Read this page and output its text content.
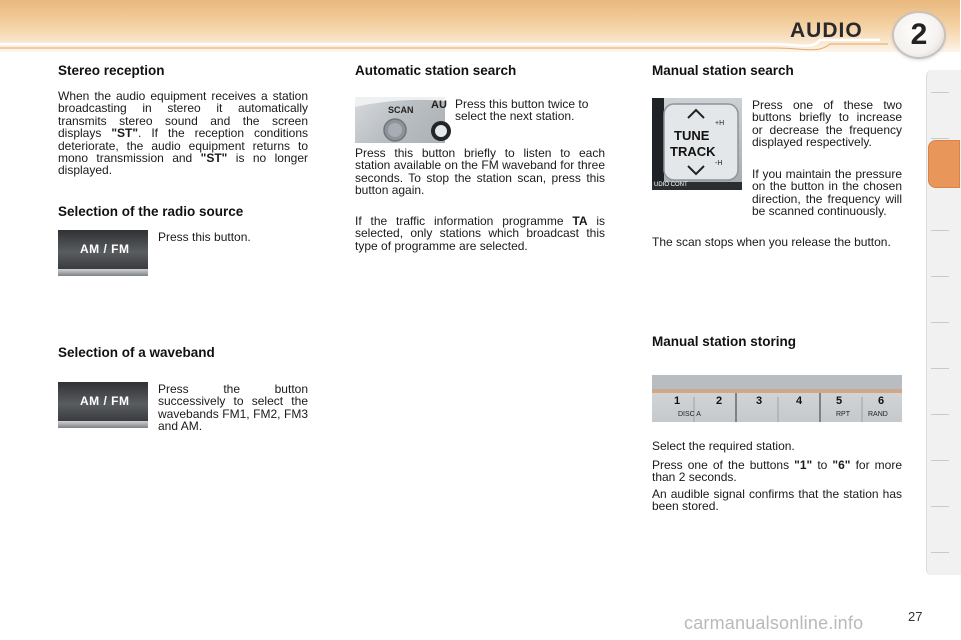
AUDIO	2
Stereo reception

When the audio equipment receives a station broadcasting in stereo it automatically transmits stereo sound and the screen displays "ST". If the reception conditions deteriorate, the audio equipment returns to mono transmission and "ST" is no longer displayed.

Selection of the radio source
AM / FM

Press this button.

Selection of a waveband
AM / FM

Press the button successively to select the wavebands FM1, FM2, FM3 and AM.

Automatic station search
SCAN AU Press this button twice to select the next station.

Press this button briefly to listen to each station available on the FM waveband for three seconds. To stop the station scan, press this button again.

If the traffic information programme TA is selected, only stations which broadcast this type of programme are selected.

Manual station search
TUNE
TRACK
+H
-H
UDIO CONT

Press one of these two buttons briefly to increase or decrease the frequency displayed respectively.

If you maintain the pressure on the button in the chosen direction, the frequency will be scanned continuously.

The scan stops when you release the button.

Manual station storing
1	2	3	4	5	6
DISC A	RPT	RAND

Select the required station.

Press one of the buttons "1" to "6" for more than 2 seconds.

An audible signal confirms that the station has been stored.

carmanualsonline.info	27
